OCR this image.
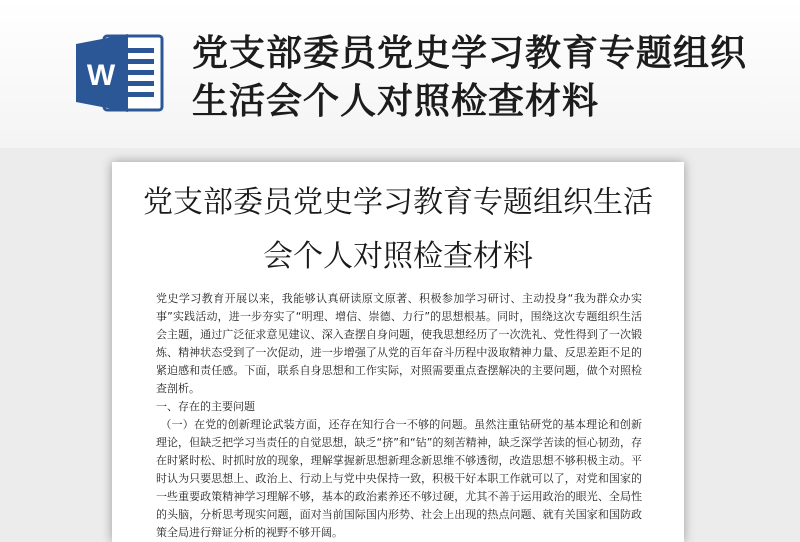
W
党支部委员党史学习教育专题组织生活会个人对照检查材料
党支部委员党史学习教育专题组织生活会个人对照检查材料

党史学习教育开展以来，我能够认真研读原文原著、积极参加学习研讨、主动投身“我为群众办实事”实践活动，进一步夯实了“明理、增信、崇德、力行”的思想根基。同时，围绕这次专题组织生活会主题，通过广泛征求意见建议、深入查摆自身问题，使我思想经历了一次洗礼、党性得到了一次锻炼、精神状态受到了一次促动，进一步增强了从党的百年奋斗历程中汲取精神力量、反思差距不足的紧迫感和责任感。下面，联系自身思想和工作实际，对照需要重点查摆解决的主要问题，做个对照检查剖析。

一、存在的主要问题

（一）在党的创新理论武装方面，还存在知行合一不够的问题。虽然注重钻研党的基本理论和创新理论，但缺乏把学习当责任的自觉思想，缺乏“挤”和“钻”的刻苦精神，缺乏深学苦读的恒心韧劲，存在时紧时松、时抓时放的现象，理解掌握新思想新理念新思维不够透彻，改造思想不够积极主动。平时认为只要思想上、政治上、行动上与党中央保持一致，积极干好本职工作就可以了，对党和国家的一些重要政策精神学习理解不够，基本的政治素养还不够过硬，尤其不善于运用政治的眼光、全局性的头脑，分析思考现实问题，面对当前国际国内形势、社会上出现的热点问题、就有关国家和国防政策全局进行辩证分析的视野不够开阔。
